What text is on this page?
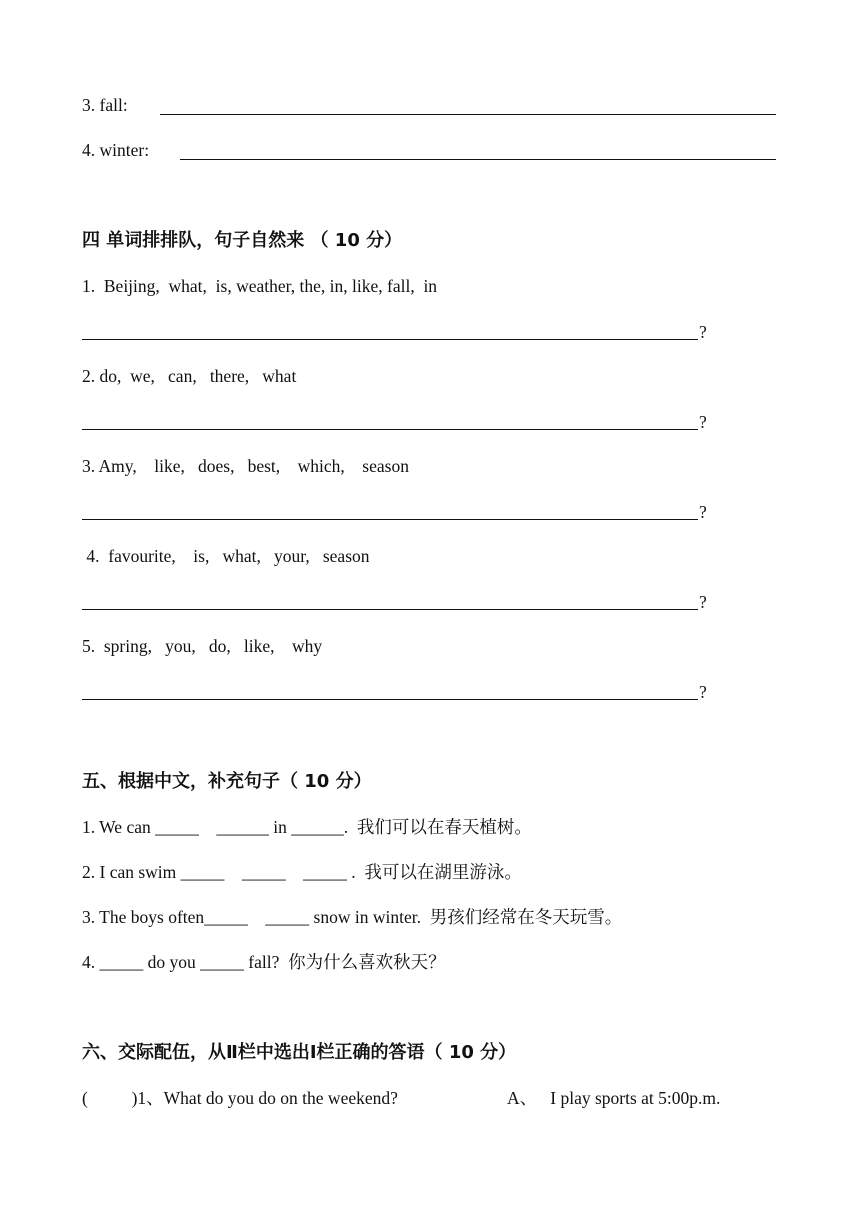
3. fall:
4. winter:
四 单词排排队，句子自然来 （ 10 分）
1.  Beijing,  what,  is, weather, the, in, like, fall,  in
?
2. do,  we,   can,   there,   what
?
3. Amy,    like,   does,   best,    which,    season
?
4.  favourite,    is,   what,   your,   season
?
5.  spring,   you,   do,   like,    why
?
五、根据中文，补充句子（ 10 分）
1. We can _____    ______ in ______. 我们可以在春天植树。
2. I can swim _____    _____    _____ . 我可以在湖里游泳。
3. The boys often_____    _____ snow in winter. 男孩们经常在冬天玩雪。
4. _____ do you _____ fall? 你为什么喜欢秋天？
六、交际配伍，从Ⅱ栏中选出Ⅰ栏正确的答语（ 10 分）
(          )1、What do you do on the weekend?	A、   I play sports at 5:00p.m.
